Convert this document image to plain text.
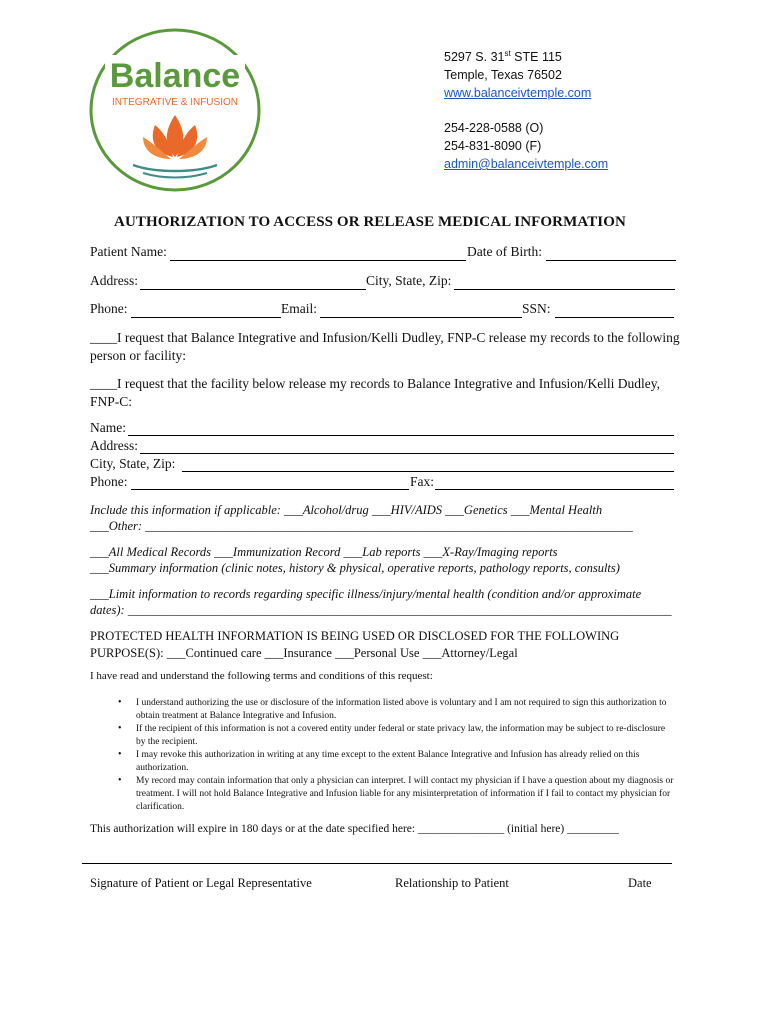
Balance
INTEGRATIVE & INFUSION
5297 S. 31st STE 115
Temple, Texas 76502
www.balanceivtemple.com
254-228-0588 (O)
254-831-8090 (F)
admin@balanceivtemple.com
AUTHORIZATION TO ACCESS OR RELEASE MEDICAL INFORMATION
Patient Name:	Date of Birth:
Address:	City, State, Zip:
Phone:	Email:	SSN:
____I request that Balance Integrative and Infusion/Kelli Dudley, FNP-C release my records to the following person or facility:
____I request that the facility below release my records to Balance Integrative and Infusion/Kelli Dudley, FNP-C:
Name:
Address:
City, State, Zip:
Phone:	Fax:
Include this information if applicable: ___Alcohol/drug ___HIV/AIDS ___Genetics ___Mental Health
___Other: ______________________________________________________________________________
___All Medical Records ___Immunization Record ___Lab reports ___X-Ray/Imaging reports
___Summary information (clinic notes, history & physical, operative reports, pathology reports, consults)
___Limit information to records regarding specific illness/injury/mental health (condition and/or approximate
dates): _______________________________________________________________________________________
PROTECTED HEALTH INFORMATION IS BEING USED OR DISCLOSED FOR THE FOLLOWING
PURPOSE(S): ___Continued care ___Insurance ___Personal Use ___Attorney/Legal
I have read and understand the following terms and conditions of this request:
• I understand authorizing the use or disclosure of the information listed above is voluntary and I am not required to sign this authorization to obtain treatment at Balance Integrative and Infusion.
• If the recipient of this information is not a covered entity under federal or state privacy law, the information may be subject to re-disclosure by the recipient.
• I may revoke this authorization in writing at any time except to the extent Balance Integrative and Infusion has already relied on this authorization.
• My record may contain information that only a physician can interpret. I will contact my physician if I have a question about my diagnosis or treatment. I will not hold Balance Integrative and Infusion liable for any misinterpretation of information if I fail to contact my physician for clarification.
This authorization will expire in 180 days or at the date specified here: _______________ (initial here) _________
Signature of Patient or Legal Representative	Relationship to Patient	Date
